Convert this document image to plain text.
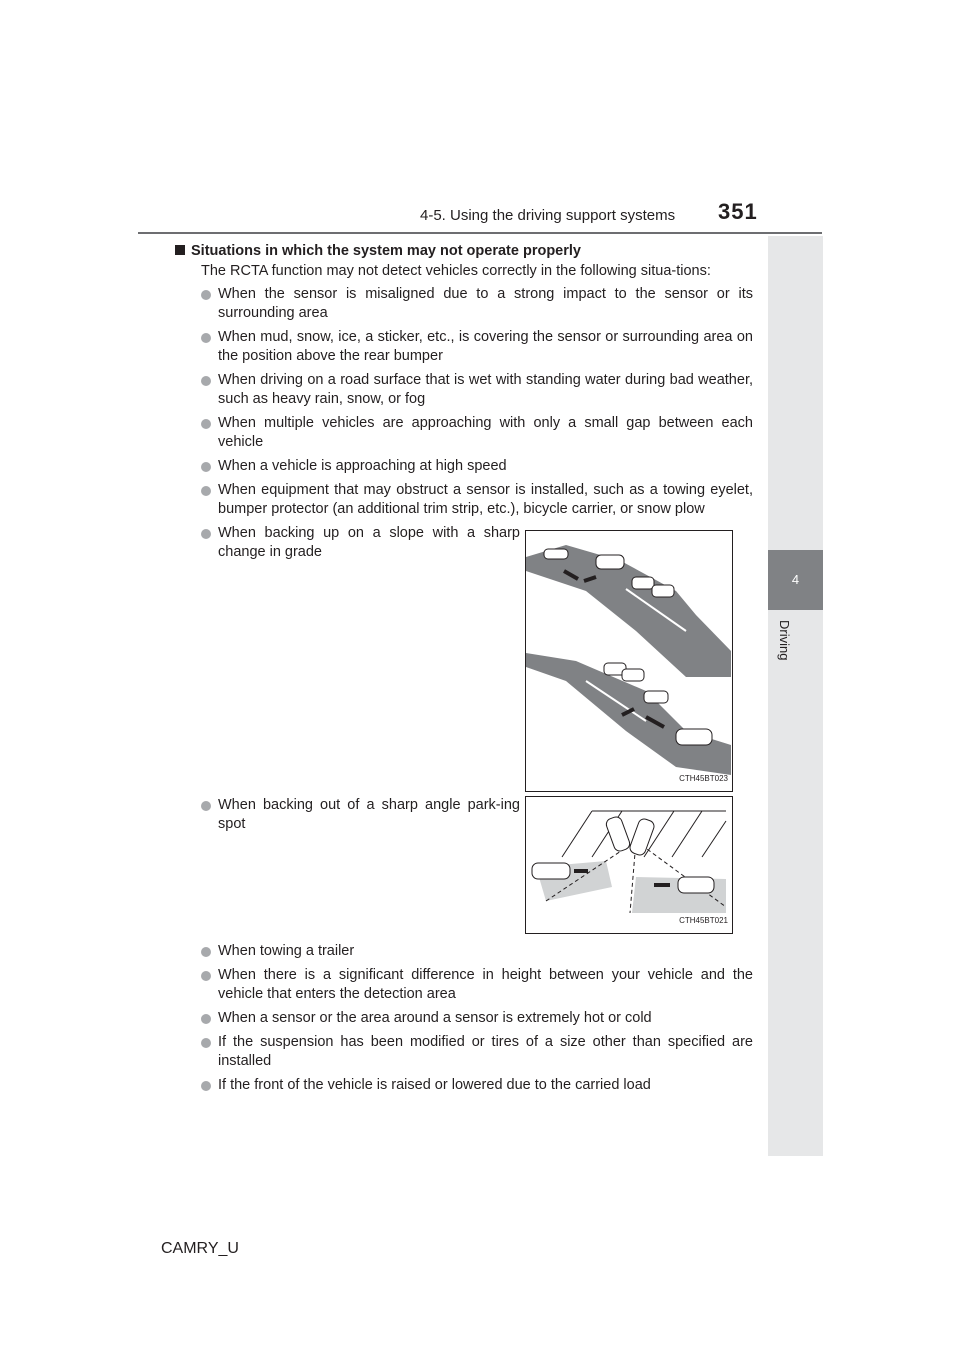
4-5. Using the driving support systems 351
4
Driving
Situations in which the system may not operate properly
The RCTA function may not detect vehicles correctly in the following situa-tions:
When the sensor is misaligned due to a strong impact to the sensor or its surrounding area
When mud, snow, ice, a sticker, etc., is covering the sensor or surrounding area on the position above the rear bumper
When driving on a road surface that is wet with standing water during bad weather, such as heavy rain, snow, or fog
When multiple vehicles are approaching with only a small gap between each vehicle
When a vehicle is approaching at high speed
When equipment that may obstruct a sensor is installed, such as a towing eyelet, bumper protector (an additional trim strip, etc.), bicycle carrier, or snow plow
When backing up on a slope with a sharp change in grade
CTH45BT023
When backing out of a sharp angle park-ing spot
CTH45BT021
When towing a trailer
When there is a significant difference in height between your vehicle and the vehicle that enters the detection area
When a sensor or the area around a sensor is extremely hot or cold
If the suspension has been modified or tires of a size other than specified are installed
If the front of the vehicle is raised or lowered due to the carried load
CAMRY_U
